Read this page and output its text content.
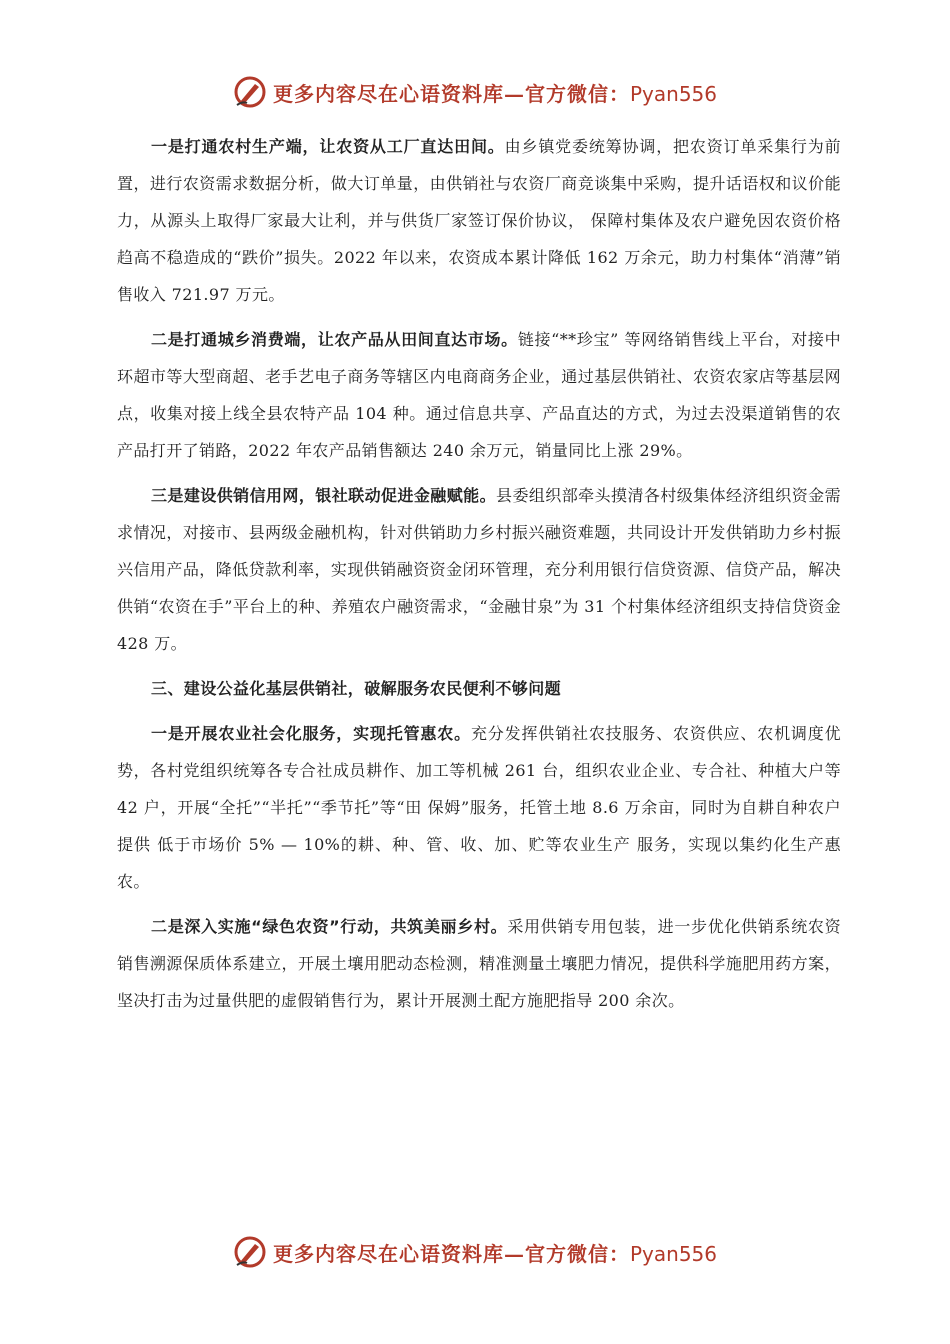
更多内容尽在心语资料库—官方微信：Pyan556

一是打通农村生产端，让农资从工厂直达田间。由乡镇党委统筹协调，把农资订单采集行为前置，进行农资需求数据分析，做大订单量，由供销社与农资厂商竞谈集中采购，提升话语权和议价能力，从源头上取得厂家最大让利，并与供货厂家签订保价协议， 保障村集体及农户避免因农资价格趋高不稳造成的“跌价”损失。2022 年以来，农资成本累计降低 162 万余元，助力村集体“消薄”销售收入 721.97 万元。

二是打通城乡消费端，让农产品从田间直达市场。链接“**珍宝” 等网络销售线上平台，对接中环超市等大型商超、老手艺电子商务等辖区内电商商务企业，通过基层供销社、农资农家店等基层网点，收集对接上线全县农特产品 104 种。通过信息共享、产品直达的方式，为过去没渠道销售的农产品打开了销路，2022 年农产品销售额达 240 余万元，销量同比上涨 29%。

三是建设供销信用网，银社联动促进金融赋能。县委组织部牵头摸清各村级集体经济组织资金需求情况，对接市、县两级金融机构，针对供销助力乡村振兴融资难题，共同设计开发供销助力乡村振兴信用产品，降低贷款利率，实现供销融资资金闭环管理，充分利用银行信贷资源、信贷产品，解决供销“农资在手”平台上的种、养殖农户融资需求，“金融甘泉”为 31 个村集体经济组织支持信贷资金 428 万。

三、建设公益化基层供销社，破解服务农民便利不够问题

一是开展农业社会化服务，实现托管惠农。充分发挥供销社农技服务、农资供应、农机调度优势，各村党组织统筹各专合社成员耕作、加工等机械 261 台，组织农业企业、专合社、种植大户等 42 户，开展“全托”“半托”“季节托”等“田 保姆”服务，托管土地 8.6 万余亩，同时为自耕自种农户提供 低于市场价 5% — 10%的耕、种、管、收、加、贮等农业生产 服务，实现以集约化生产惠农。

二是深入实施“绿色农资”行动，共筑美丽乡村。采用供销专用包装，进一步优化供销系统农资销售溯源保质体系建立，开展土壤用肥动态检测，精准测量土壤肥力情况，提供科学施肥用药方案，坚决打击为过量供肥的虚假销售行为，累计开展测土配方施肥指导 200 余次。

更多内容尽在心语资料库—官方微信：Pyan556
